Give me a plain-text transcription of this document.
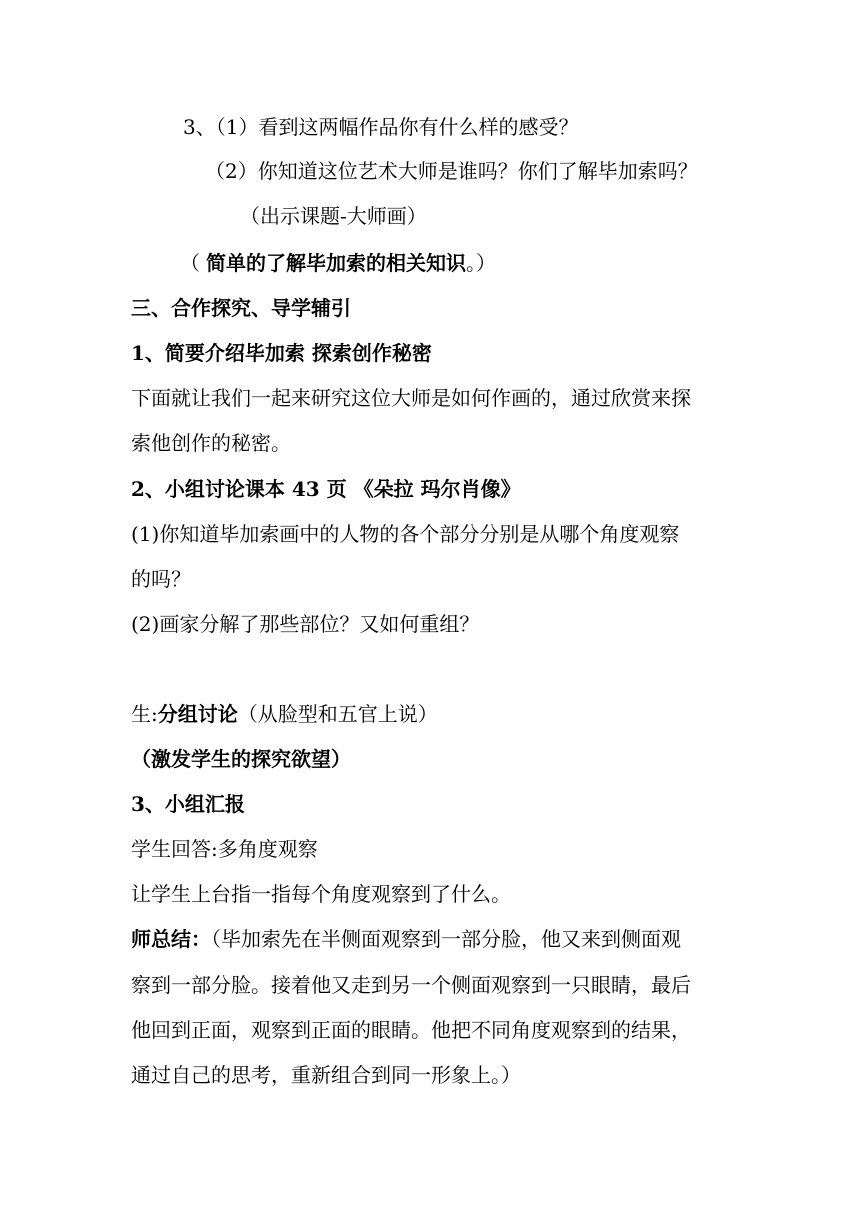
3、（1）看到这两幅作品你有什么样的感受？
（2）你知道这位艺术大师是谁吗？你们了解毕加索吗？
（出示课题-大师画）
（ 简单的了解毕加索的相关知识。）
三、合作探究、导学辅引
1、简要介绍毕加索 探索创作秘密
下面就让我们一起来研究这位大师是如何作画的，通过欣赏来探
索他创作的秘密。
2、小组讨论课本 43 页 《朵拉 玛尔肖像》
(1)你知道毕加索画中的人物的各个部分分别是从哪个角度观察
的吗？
(2)画家分解了那些部位？又如何重组？
生:分组讨论（从脸型和五官上说）
（激发学生的探究欲望）
3、小组汇报
学生回答:多角度观察
让学生上台指一指每个角度观察到了什么。
师总结：（毕加索先在半侧面观察到一部分脸，他又来到侧面观
察到一部分脸。接着他又走到另一个侧面观察到一只眼睛，最后
他回到正面，观察到正面的眼睛。他把不同角度观察到的结果，
通过自己的思考，重新组合到同一形象上。）
